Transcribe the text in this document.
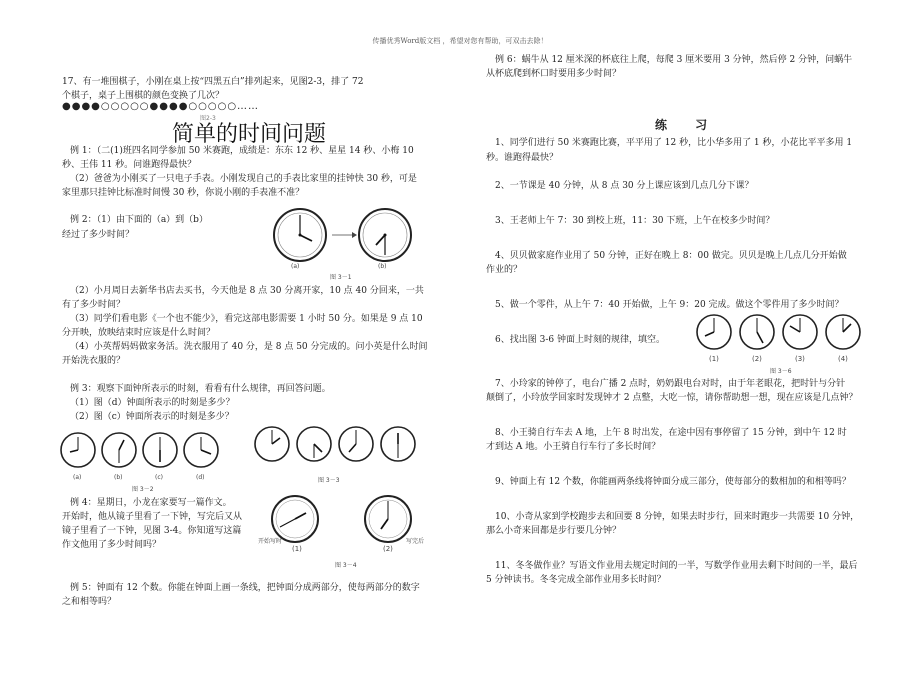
传播优秀Word版文档 ，希望对您有帮助，可双击去除！
17、有一堆围棋子，小刚在桌上按“四黑五白”排列起来，见图2-3，排了 72
个棋子，桌子上围棋的颜色变换了几次？
●●●●○○○○○●●●●○○○○○……
图2-3
简单的时间问题
例 1：（二(1)班四名同学参加 50 米赛跑，成绩是：东东 12 秒、星星 14 秒、小梅 10
秒、王伟 11 秒。问谁跑得最快？
（2）爸爸为小刚买了一只电子手表。小刚发现自己的手表比家里的挂钟快 30 秒，可是
家里那只挂钟比标准时间慢 30 秒，你说小刚的手表准不准？
例 2：（1）由下面的（a）到（b）
经过了多少时间？
(a)	(b)
图 3－1
（2）小月周日去新华书店去买书，今天他是 8 点 30 分离开家，10 点 40 分回来，一共
有了多少时间？
（3）同学们看电影《一个也不能少》，看完这部电影需要 1 小时 50 分。如果是 9 点 10
分开映，放映结束时应该是什么时间？
（4）小英帮妈妈做家务活。洗衣服用了 40 分，是 8 点 50 分完成的。问小英是什么时间
开始洗衣服的？
例 3：观察下面钟所表示的时刻，看看有什么规律，再回答问题。
（1）图（d）钟面所表示的时刻是多少？
（2）图（c）钟面所表示的时刻是多少？
(a)	(b)	(c)	(d)
图 3－2
图 3－3
例 4：星期日，小龙在家要写一篇作文。
开始时，他从镜子里看了一下钟，写完后又从
镜子里看了一下钟，见图 3-4。你知道写这篇
作文他用了多少时间吗？	开始写时	写完后
(1)	(2)
图 3－4
例 5：钟面有 12 个数。你能在钟面上画一条线，把钟面分成两部分，使每两部分的数字
之和相等吗？
例 6：蜗牛从 12 厘米深的杯底往上爬，每爬 3 厘米要用 3 分钟，然后停 2 分钟，问蜗牛
从杯底爬到杯口时要用多少时间？
练 习
1、同学们进行 50 米赛跑比赛，平平用了 12 秒，比小华多用了 1 秒，小花比平平多用 1
秒。谁跑得最快？
2、一节课是 40 分钟，从 8 点 30 分上课应该到几点几分下课？
3、王老师上午 7：30 到校上班，11：30 下班，上午在校多少时间？
4、贝贝做家庭作业用了 50 分钟，正好在晚上 8：00 做完。贝贝是晚上几点几分开始做
作业的？
5、做一个零件，从上午 7：40 开始做，上午 9：20 完成。做这个零件用了多少时间？
6、找出图 3-6 钟面上时刻的规律，填空。
(1)	(2)	(3)	(4)
图 3－6
7、小玲家的钟停了，电台广播 2 点时，奶奶跟电台对时，由于年老眼花，把时针与分针
颠倒了，小玲放学回家时发现钟才 2 点整，大吃一惊，请你帮助想一想，现在应该是几点钟？
8、小王骑自行车去 A 地，上午 8 时出发，在途中因有事停留了 15 分钟，到中午 12 时
才到达 A 地。小王骑自行车行了多长时间？
9、钟面上有 12 个数，你能画两条线将钟面分成三部分，使每部分的数相加的和相等吗？
10、小奇从家到学校跑步去和回要 8 分钟，如果去时步行，回来时跑步一共需要 10 分钟，
那么小奇来回都是步行要几分钟？
11、冬冬做作业？写语文作业用去规定时间的一半，写数学作业用去剩下时间的一半，最后
5 分钟读书。冬冬完成全部作业用多长时间？
